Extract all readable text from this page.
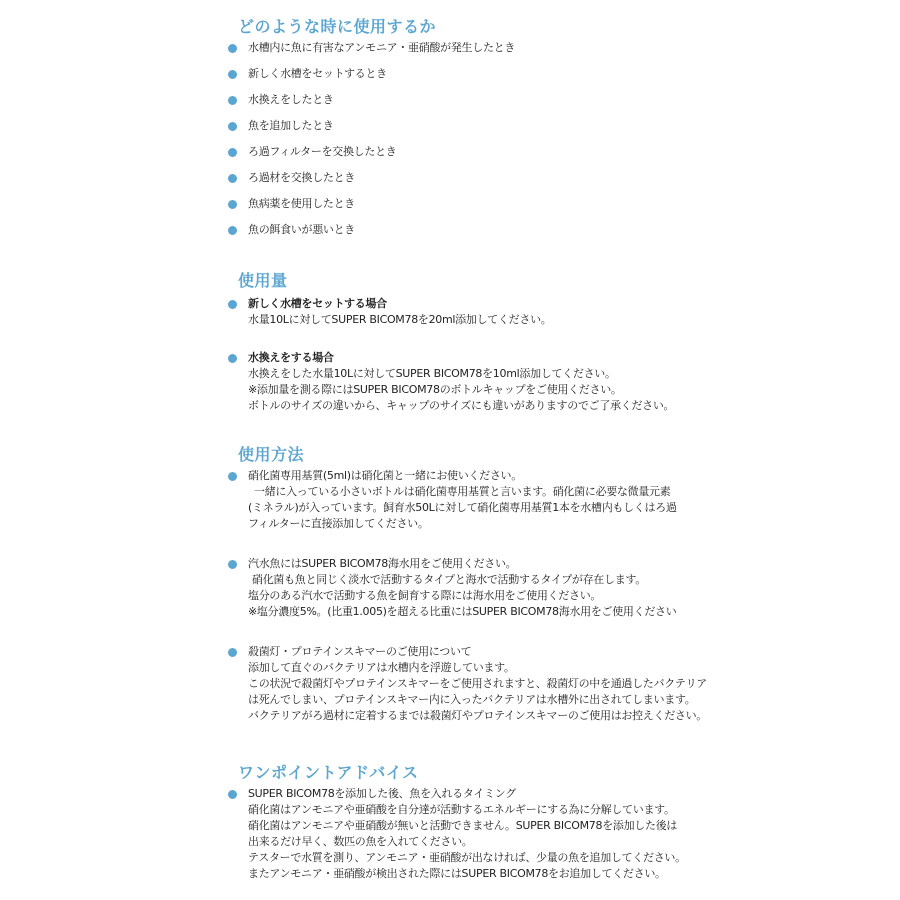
どのような時に使用するか
水槽内に魚に有害なアンモニア・亜硝酸が発生したとき
新しく水槽をセットするとき
水換えをしたとき
魚を追加したとき
ろ過フィルターを交換したとき
ろ過材を交換したとき
魚病薬を使用したとき
魚の餌食いが悪いとき
使用量
新しく水槽をセットする場合
水量10Lに対してSUPER BICOM78を20ml添加してください。
水換えをする場合
水換えをした水量10Lに対してSUPER BICOM78を10ml添加してください。
※添加量を測る際にはSUPER BICOM78のボトルキャップをご使用ください。
ボトルのサイズの違いから、キャップのサイズにも違いがありますのでご了承ください。
使用方法
硝化菌専用基質(5ml)は硝化菌と一緒にお使いください。
一緒に入っている小さいボトルは硝化菌専用基質と言います。硝化菌に必要な微量元素
(ミネラル)が入っています。飼育水50Lに対して硝化菌専用基質1本を水槽内もしくはろ過
フィルターに直接添加してください。
汽水魚にはSUPER BICOM78海水用をご使用ください。
硝化菌も魚と同じく淡水で活動するタイプと海水で活動するタイプが存在します。
塩分のある汽水で活動する魚を飼育する際には海水用をご使用ください。
※塩分濃度5%。(比重1.005)を超える比重にはSUPER BICOM78海水用をご使用ください
殺菌灯・プロテインスキマーのご使用について
添加して直ぐのバクテリアは水槽内を浮遊しています。
この状況で殺菌灯やプロテインスキマーをご使用されますと、殺菌灯の中を通過したバクテリア
は死んでしまい、プロテインスキマー内に入ったバクテリアは水槽外に出されてしまいます。
バクテリアがろ過材に定着するまでは殺菌灯やプロテインスキマーのご使用はお控えください。
ワンポイントアドバイス
SUPER BICOM78を添加した後、魚を入れるタイミング
硝化菌はアンモニアや亜硝酸を自分達が活動するエネルギーにする為に分解しています。
硝化菌はアンモニアや亜硝酸が無いと活動できません。SUPER BICOM78を添加した後は
出来るだけ早く、数匹の魚を入れてください。
テスターで水質を測り、アンモニア・亜硝酸が出なければ、少量の魚を追加してください。
またアンモニア・亜硝酸が検出された際にはSUPER BICOM78をお追加してください。
